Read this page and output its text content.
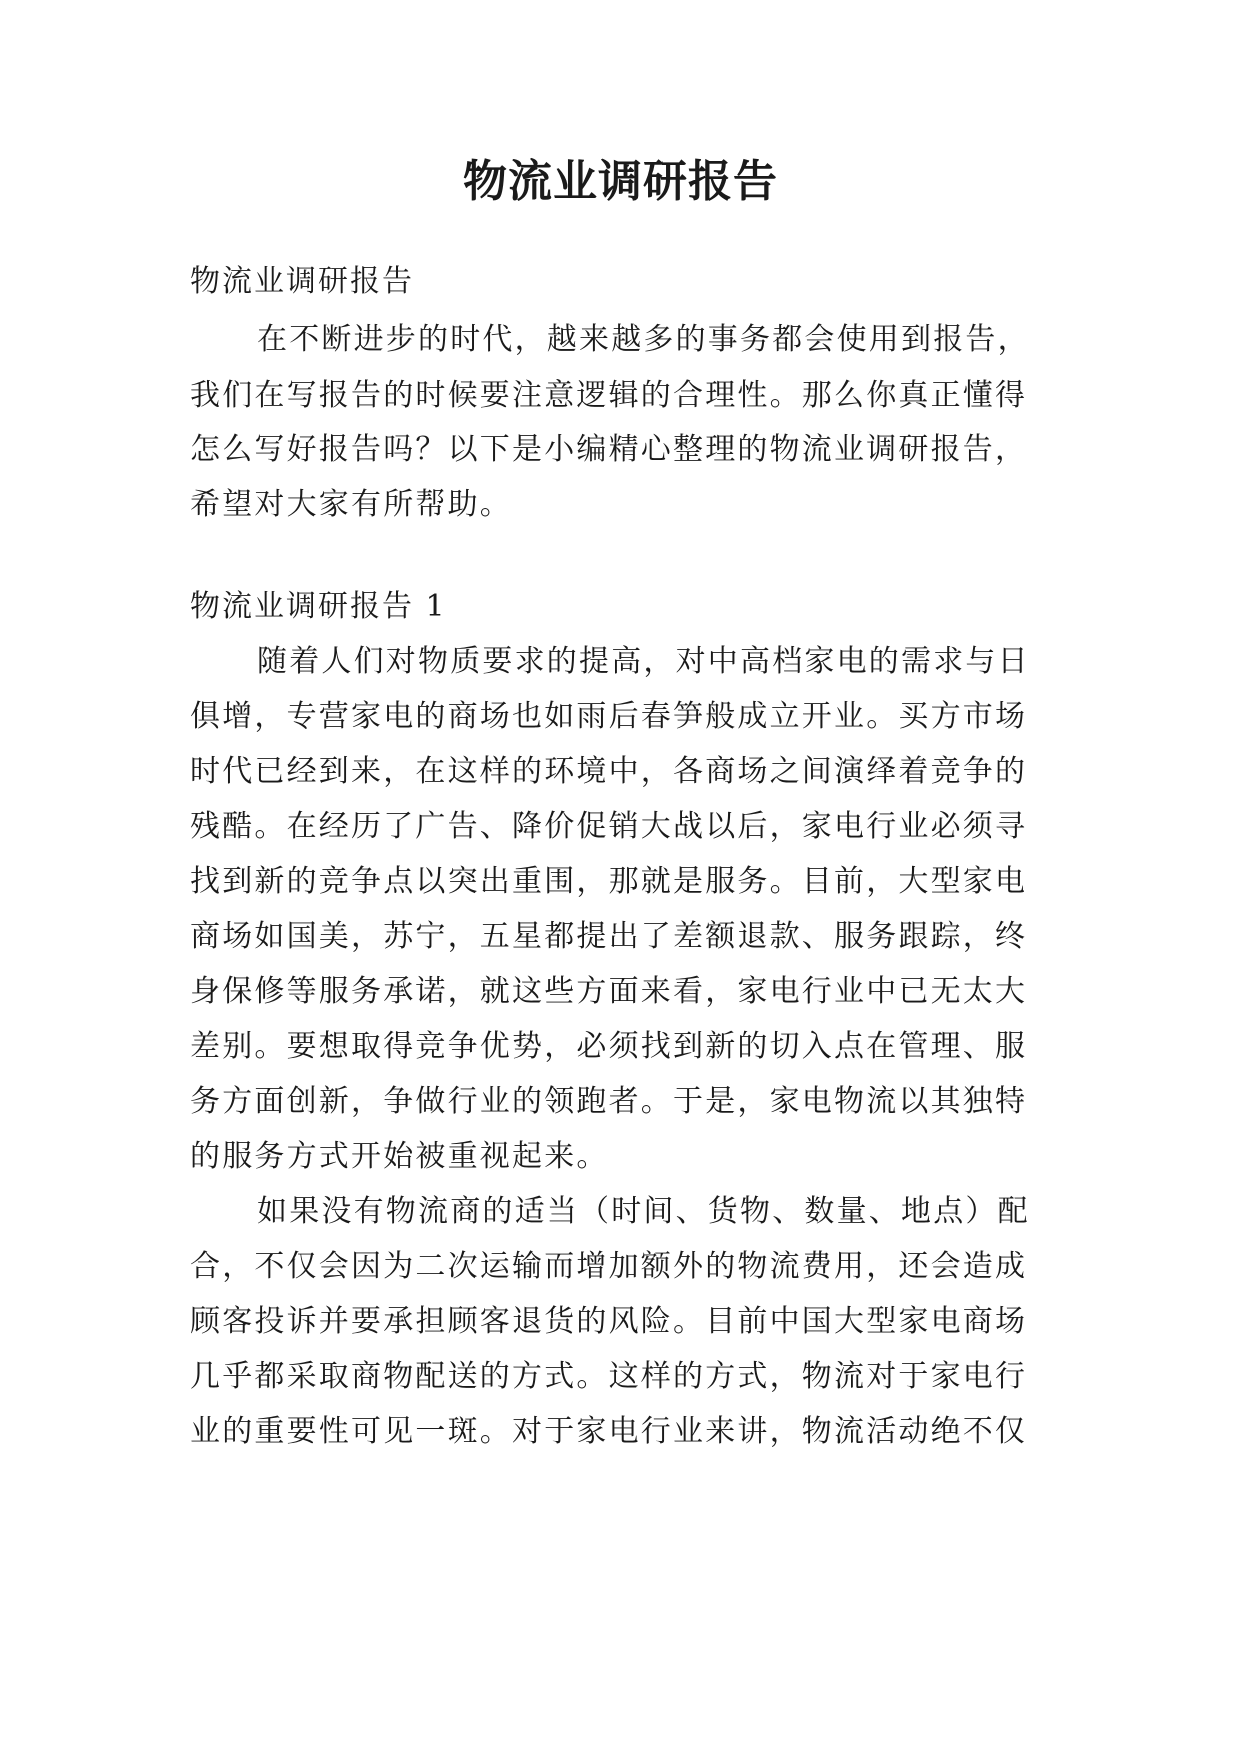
物流业调研报告
物流业调研报告
在不断进步的时代，越来越多的事务都会使用到报告，
我们在写报告的时候要注意逻辑的合理性。那么你真正懂得
怎么写好报告吗？以下是小编精心整理的物流业调研报告，
希望对大家有所帮助。
物流业调研报告 1
随着人们对物质要求的提高，对中高档家电的需求与日
俱增，专营家电的商场也如雨后春笋般成立开业。买方市场
时代已经到来，在这样的环境中，各商场之间演绎着竞争的
残酷。在经历了广告、降价促销大战以后，家电行业必须寻
找到新的竞争点以突出重围，那就是服务。目前，大型家电
商场如国美，苏宁，五星都提出了差额退款、服务跟踪，终
身保修等服务承诺，就这些方面来看，家电行业中已无太大
差别。要想取得竞争优势，必须找到新的切入点在管理、服
务方面创新，争做行业的领跑者。于是，家电物流以其独特
的服务方式开始被重视起来。
如果没有物流商的适当（时间、货物、数量、地点）配
合，不仅会因为二次运输而增加额外的物流费用，还会造成
顾客投诉并要承担顾客退货的风险。目前中国大型家电商场
几乎都采取商物配送的方式。这样的方式，物流对于家电行
业的重要性可见一斑。对于家电行业来讲，物流活动绝不仅
